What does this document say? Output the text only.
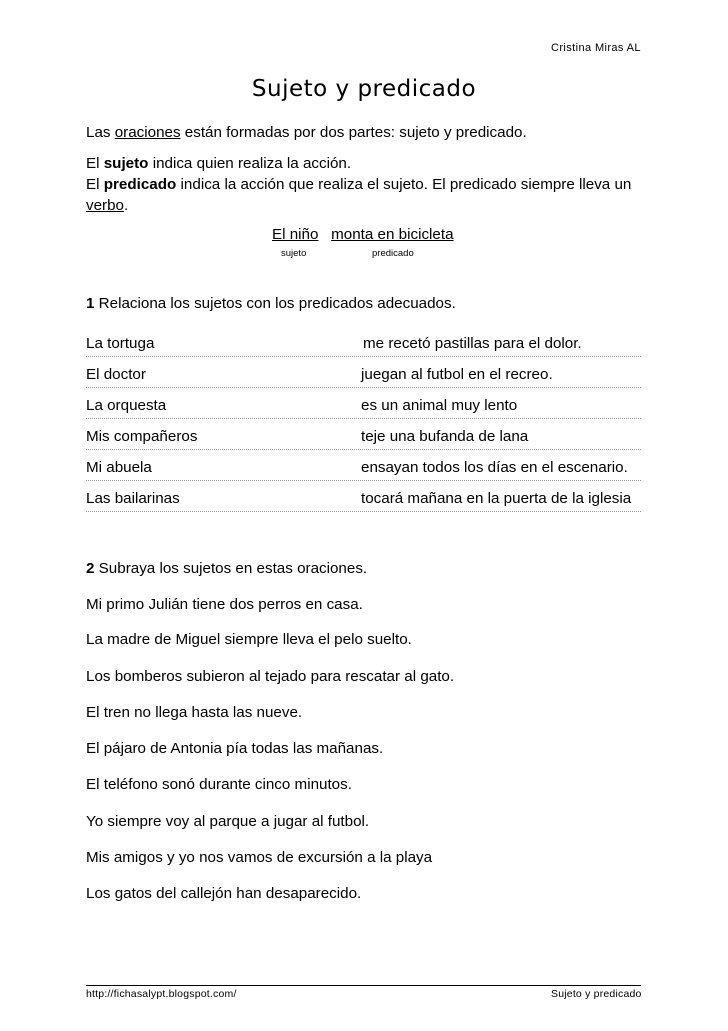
Cristina Miras AL
Sujeto y predicado
Las oraciones están formadas por dos partes: sujeto y predicado.
El sujeto indica quien realiza la acción.
El predicado indica la acción que realiza el sujeto. El predicado siempre lleva un
verbo.
El niño monta en bicicleta
sujeto	predicado
1 Relaciona los sujetos con los predicados adecuados.
La tortuga	me recetó pastillas para el dolor.
El doctor	juegan al futbol en el recreo.
La orquesta	es un animal muy lento
Mis compañeros	teje una bufanda de lana
Mi abuela	ensayan todos los días en el escenario.
Las bailarinas	tocará mañana en la puerta de la iglesia
2 Subraya los sujetos en estas oraciones.
Mi primo Julián tiene dos perros en casa.
La madre de Miguel siempre lleva el pelo suelto.
Los bomberos subieron al tejado para rescatar al gato.
El tren no llega hasta las nueve.
El pájaro de Antonia pía todas las mañanas.
El teléfono sonó durante cinco minutos.
Yo siempre voy al parque a jugar al futbol.
Mis amigos y yo nos vamos de excursión a la playa
Los gatos del callejón han desaparecido.
http://fichasalypt.blogspot.com/	Sujeto y predicado
